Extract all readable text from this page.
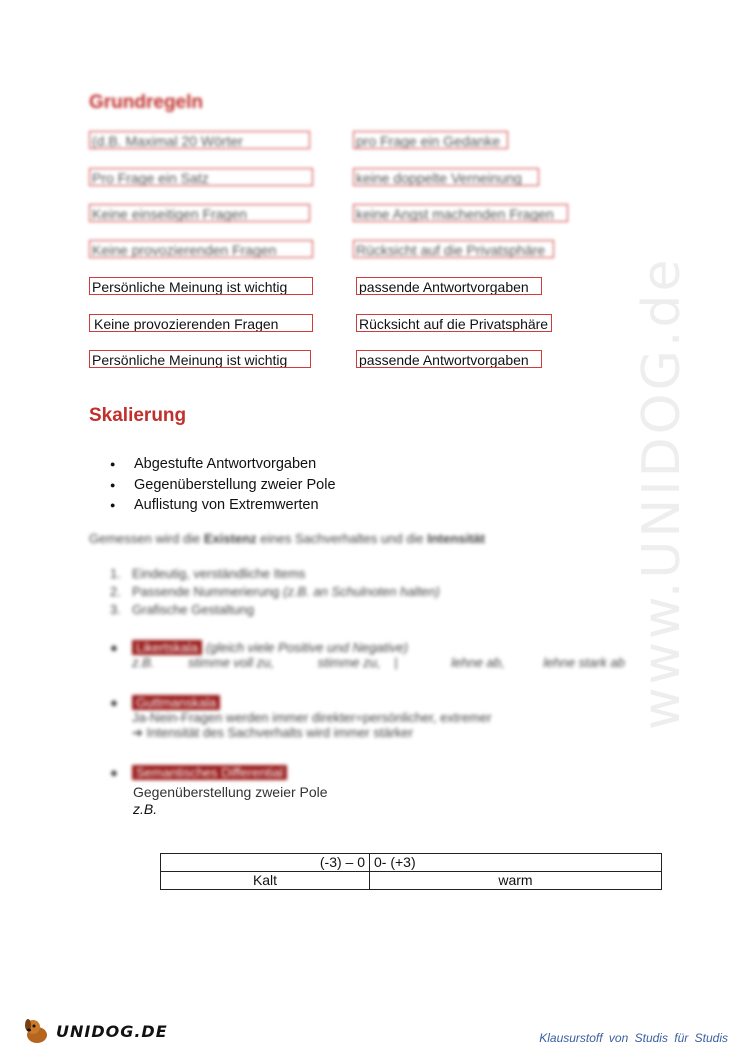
www.UNIDOG.de
Grundregeln
(d.B. Maximal 20 Wörter	pro Frage ein Gedanke
Pro Frage ein Satz	keine doppelte Verneinung
Keine einseitigen Fragen	keine Angst machenden Fragen
Keine provozierenden Fragen	Rücksicht auf die Privatsphäre
Persönliche Meinung ist wichtig	passende Antwortvorgaben
Keine provozierenden Fragen	Rücksicht auf die Privatsphäre
Persönliche Meinung ist wichtig	passende Antwortvorgaben
Skalierung
● Abgestufte Antwortvorgaben
● Gegenüberstellung zweier Pole
● Auflistung von Extremwerten
Gemessen wird die Existenz eines Sachverhaltes und die Intensität
1. Eindeutig, verständliche Items
2. Passende Nummerierung (z.B. an Schulnoten halten)
3. Grafische Gestaltung
● Likertskala (gleich viele Positive und Negative)
z.B.	stimme voll zu,	stimme zu, |	lehne ab,	lehne stark ab
● Guttmanskala
Ja-Nein-Fragen werden immer direkter=persönlicher, extremer
➔ Intensität des Sachverhalts wird immer stärker
● Semantisches Differential
Gegenüberstellung zweier Pole
z.B.
(-3) – 0	0- (+3)
Kalt	warm
UNIDOG.DE	Klausurstoff von Studis für Studis
